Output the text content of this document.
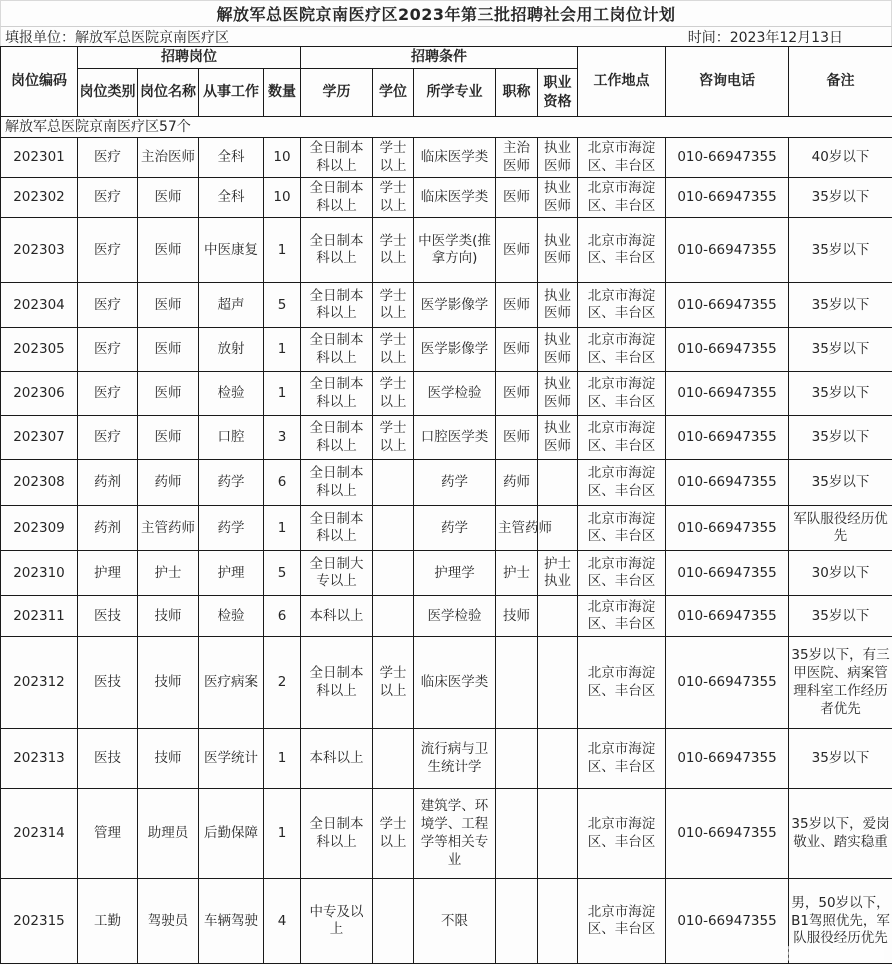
解放军总医院京南医疗区2023年第三批招聘社会用工岗位计划
填报单位：解放军总医院京南医疗区	时间：2023年12月13日
岗位编码	招聘岗位				招聘条件					工作地点	咨询电话	备注
	岗位类别	岗位名称	从事工作	数量	学历	学位	所学专业	职称	职业资格			
解放军总医院京南医疗区57个												
202301	医疗	主治医师	全科	10	全日制本科以上	学士以上	临床医学类	主治医师	执业医师	北京市海淀区、丰台区	010-66947355	40岁以下
202302	医疗	医师	全科	10	全日制本科以上	学士以上	临床医学类	医师	执业医师	北京市海淀区、丰台区	010-66947355	35岁以下
202303	医疗	医师	中医康复	1	全日制本科以上	学士以上	中医学类(推拿方向)	医师	执业医师	北京市海淀区、丰台区	010-66947355	35岁以下
202304	医疗	医师	超声	5	全日制本科以上	学士以上	医学影像学	医师	执业医师	北京市海淀区、丰台区	010-66947355	35岁以下
202305	医疗	医师	放射	1	全日制本科以上	学士以上	医学影像学	医师	执业医师	北京市海淀区、丰台区	010-66947355	35岁以下
202306	医疗	医师	检验	1	全日制本科以上	学士以上	医学检验	医师	执业医师	北京市海淀区、丰台区	010-66947355	35岁以下
202307	医疗	医师	口腔	3	全日制本科以上	学士以上	口腔医学类	医师	执业医师	北京市海淀区、丰台区	010-66947355	35岁以下
202308	药剂	药师	药学	6	全日制本科以上		药学	药师		北京市海淀区、丰台区	010-66947355	35岁以下
202309	药剂	主管药师	药学	1	全日制本科以上		药学	主管药师		北京市海淀区、丰台区	010-66947355	军队服役经历优先
202310	护理	护士	护理	5	全日制大专以上		护理学	护士	护士执业	北京市海淀区、丰台区	010-66947355	30岁以下
202311	医技	技师	检验	6	本科以上		医学检验	技师		北京市海淀区、丰台区	010-66947355	35岁以下
202312	医技	技师	医疗病案	2	全日制本科以上	学士以上	临床医学类			北京市海淀区、丰台区	010-66947355	35岁以下，有三甲医院、病案管理科室工作经历者优先
202313	医技	技师	医学统计	1	本科以上		流行病与卫生统计学			北京市海淀区、丰台区	010-66947355	35岁以下
202314	管理	助理员	后勤保障	1	全日制本科以上	学士以上	建筑学、环境学、工程学等相关专业			北京市海淀区、丰台区	010-66947355	35岁以下，爱岗敬业、踏实稳重
202315	工勤	驾驶员	车辆驾驶	4	中专及以上		不限			北京市海淀区、丰台区	010-66947355	男，50岁以下，B1驾照优先，军队服役经历优先
